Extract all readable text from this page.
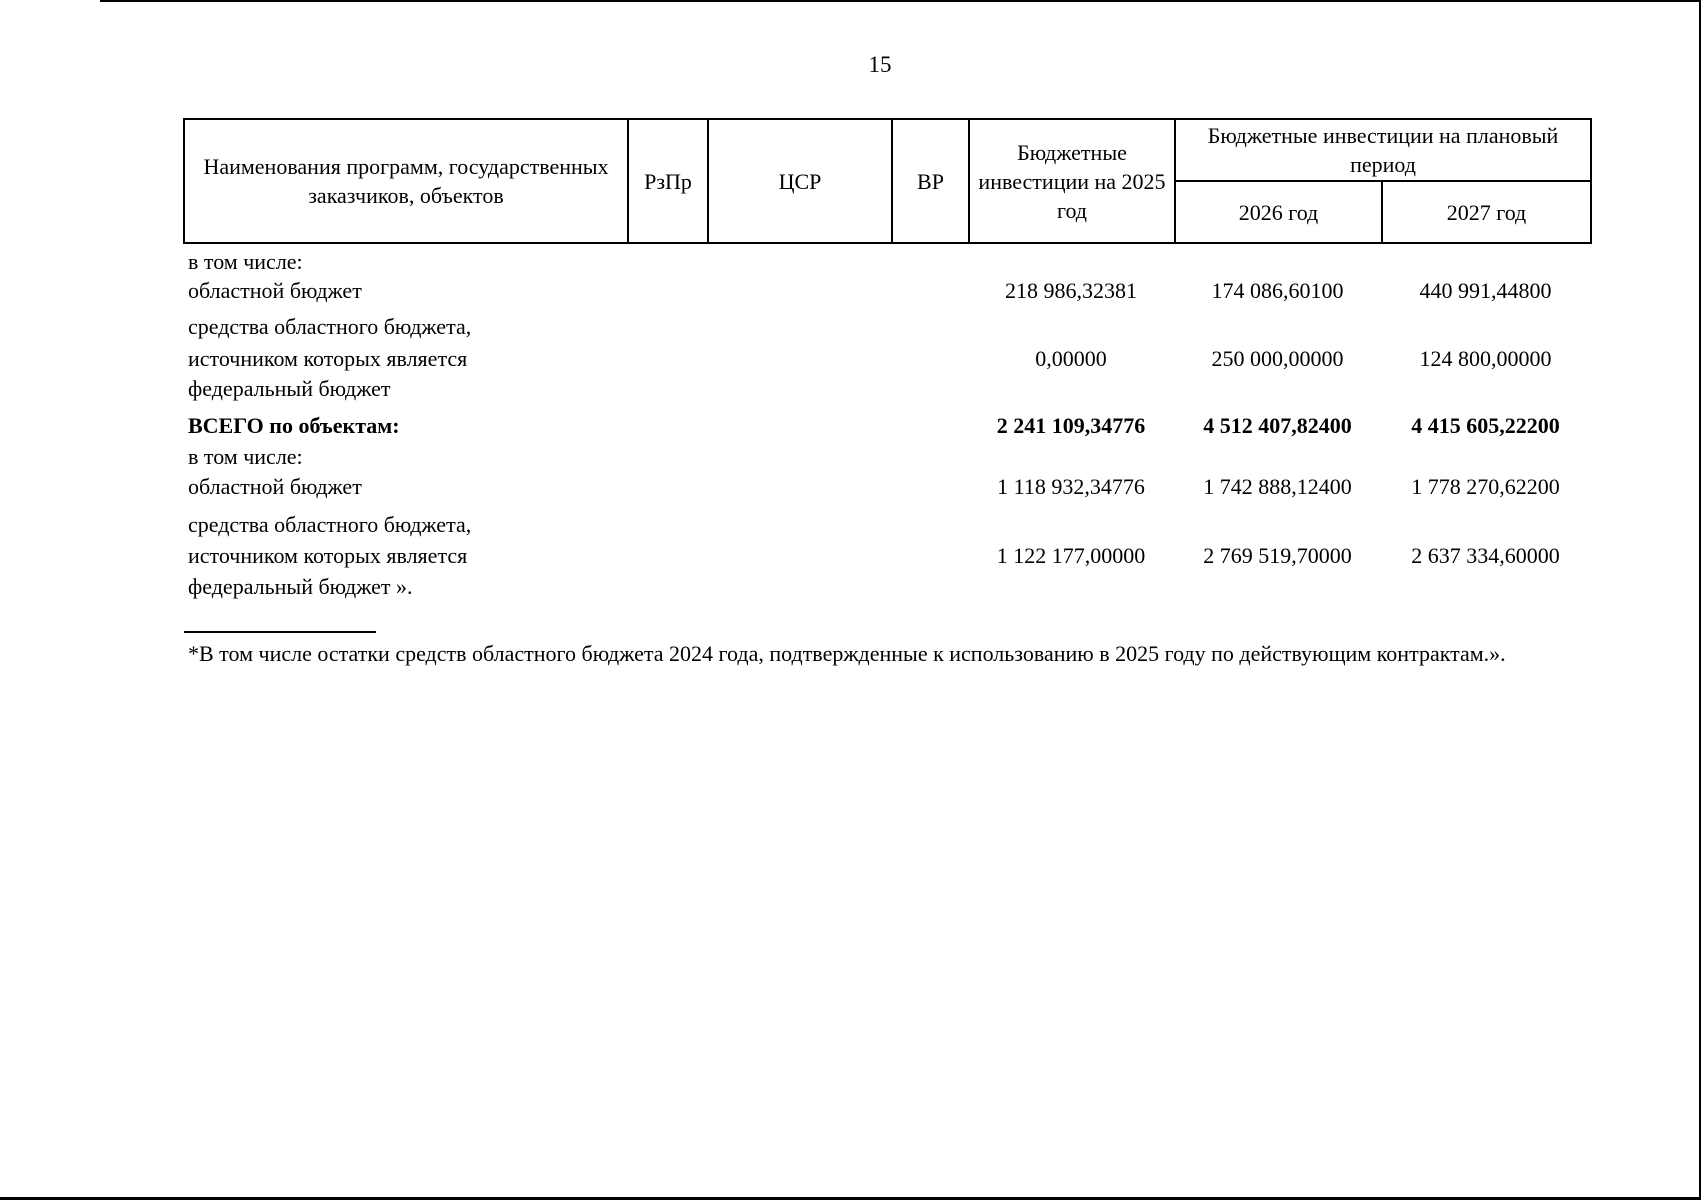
15
Наименования программ, государственных заказчиков, объектов	РзПр	ЦСР	ВР	Бюджетные инвестиции на 2025 год	Бюджетные инвестиции на плановый период	
					2026 год	2027 год
в том числе:
областной бюджет	218 986,32381	174 086,60100	440 991,44800
средства областного бюджета,
источником которых является
федеральный бюджет
0,00000	250 000,00000	124 800,00000
ВСЕГО по объектам:	2 241 109,34776	4 512 407,82400	4 415 605,22200
в том числе:
областной бюджет	1 118 932,34776	1 742 888,12400	1 778 270,62200
средства областного бюджета,
источником которых является
федеральный бюджет ».
1 122 177,00000	2 769 519,70000	2 637 334,60000
*В том числе остатки средств областного бюджета 2024 года, подтвержденные к использованию в 2025 году по действующим контрактам.».
